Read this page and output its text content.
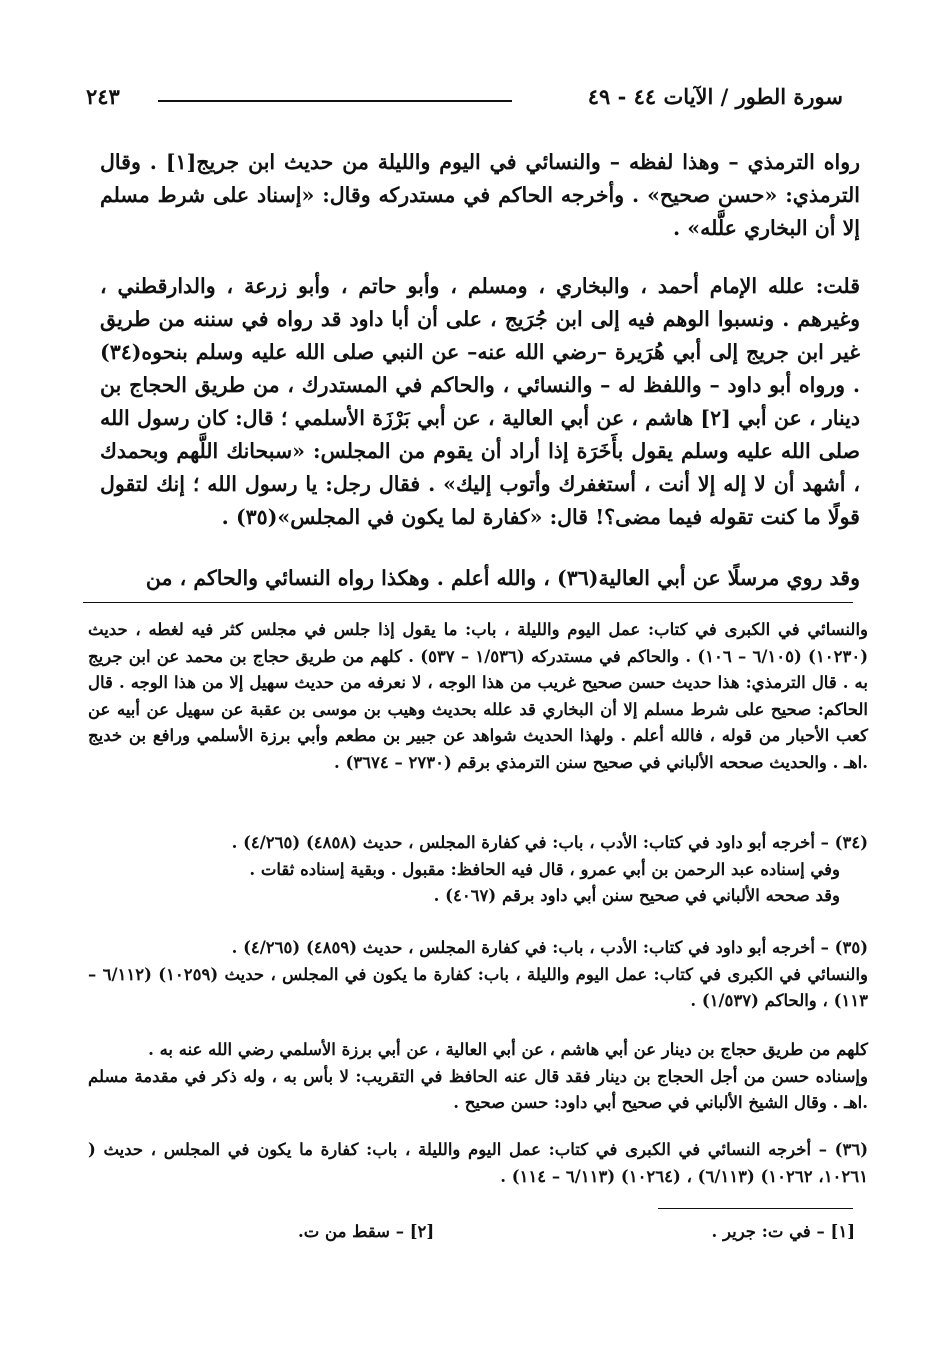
سورة الطور / الآيات ٤٤ - ٤٩
٢٤٣

رواه الترمذي – وهذا لفظه – والنسائي في اليوم والليلة من حديث ابن جريج[١] . وقال الترمذي: «حسن صحيح» . وأخرجه الحاكم في مستدركه وقال: «إسناد على شرط مسلم إلا أن البخاري علَّله» .

قلت: علله الإمام أحمد ، والبخاري ، ومسلم ، وأبو حاتم ، وأبو زرعة ، والدارقطني ، وغيرهم . ونسبوا الوهم فيه إلى ابن جُرَيج ، على أن أبا داود قد رواه في سننه من طريق غير ابن جريج إلى أبي هُرَيرة –رضي الله عنه– عن النبي صلى الله عليه وسلم بنحوه(٣٤) . ورواه أبو داود – واللفظ له – والنسائي ، والحاكم في المستدرك ، من طريق الحجاج بن دينار ، عن أبي [٢] هاشم ، عن أبي العالية ، عن أبي بَرْزَة الأسلمي ؛ قال: كان رسول الله صلى الله عليه وسلم يقول بأَخَرَة إذا أراد أن يقوم من المجلس: «سبحانك اللَّهم وبحمدك ، أشهد أن لا إله إلا أنت ، أستغفرك وأتوب إليك» . فقال رجل: يا رسول الله ؛ إنك لتقول قولًا ما كنت تقوله فيما مضى؟! قال: «كفارة لما يكون في المجلس»(٣٥) .

وقد روي مرسلًا عن أبي العالية(٣٦) ، والله أعلم . وهكذا رواه النسائي والحاكم ، من

والنسائي في الكبرى في كتاب: عمل اليوم والليلة ، باب: ما يقول إذا جلس في مجلس كثر فيه لغطه ، حديث (١٠٢٣٠) (٦/١٠٥ – ١٠٦) . والحاكم في مستدركه (١/٥٣٦ – ٥٣٧) . كلهم من طريق حجاج بن محمد عن ابن جريج به . قال الترمذي: هذا حديث حسن صحيح غريب من هذا الوجه ، لا نعرفه من حديث سهيل إلا من هذا الوجه . قال الحاكم: صحيح على شرط مسلم إلا أن البخاري قد علله بحديث وهيب بن موسى بن عقبة عن سهيل عن أبيه عن كعب الأحبار من قوله ، فالله أعلم . ولهذا الحديث شواهد عن جبير بن مطعم وأبي برزة الأسلمي ورافع بن خديج .اهـ . والحديث صححه الألباني في صحيح سنن الترمذي برقم (٢٧٣٠ – ٣٦٧٤) .

(٣٤) – أخرجه أبو داود في كتاب: الأدب ، باب: في كفارة المجلس ، حديث (٤٨٥٨) (٤/٢٦٥) .

وفي إسناده عبد الرحمن بن أبي عمرو ، قال فيه الحافظ: مقبول . وبقية إسناده ثقات .

وقد صححه الألباني في صحيح سنن أبي داود برقم (٤٠٦٧) .

(٣٥) – أخرجه أبو داود في كتاب: الأدب ، باب: في كفارة المجلس ، حديث (٤٨٥٩) (٤/٢٦٥) .

والنسائي في الكبرى في كتاب: عمل اليوم والليلة ، باب: كفارة ما يكون في المجلس ، حديث (١٠٢٥٩) (٦/١١٢ – ١١٣) ، والحاكم (١/٥٣٧) .

كلهم من طريق حجاج بن دينار عن أبي هاشم ، عن أبي العالية ، عن أبي برزة الأسلمي رضي الله عنه به .

وإسناده حسن من أجل الحجاج بن دينار فقد قال عنه الحافظ في التقريب: لا بأس به ، وله ذكر في مقدمة مسلم .اهـ . وقال الشيخ الألباني في صحيح أبي داود: حسن صحيح .

(٣٦) – أخرجه النسائي في الكبرى في كتاب: عمل اليوم والليلة ، باب: كفارة ما يكون في المجلس ، حديث ( ١٠٢٦١، ١٠٢٦٢) (٦/١١٣) ، (١٠٢٦٤) (٦/١١٣ – ١١٤) .

[١] – في ت: جرير .
[٢] – سقط من ت.
